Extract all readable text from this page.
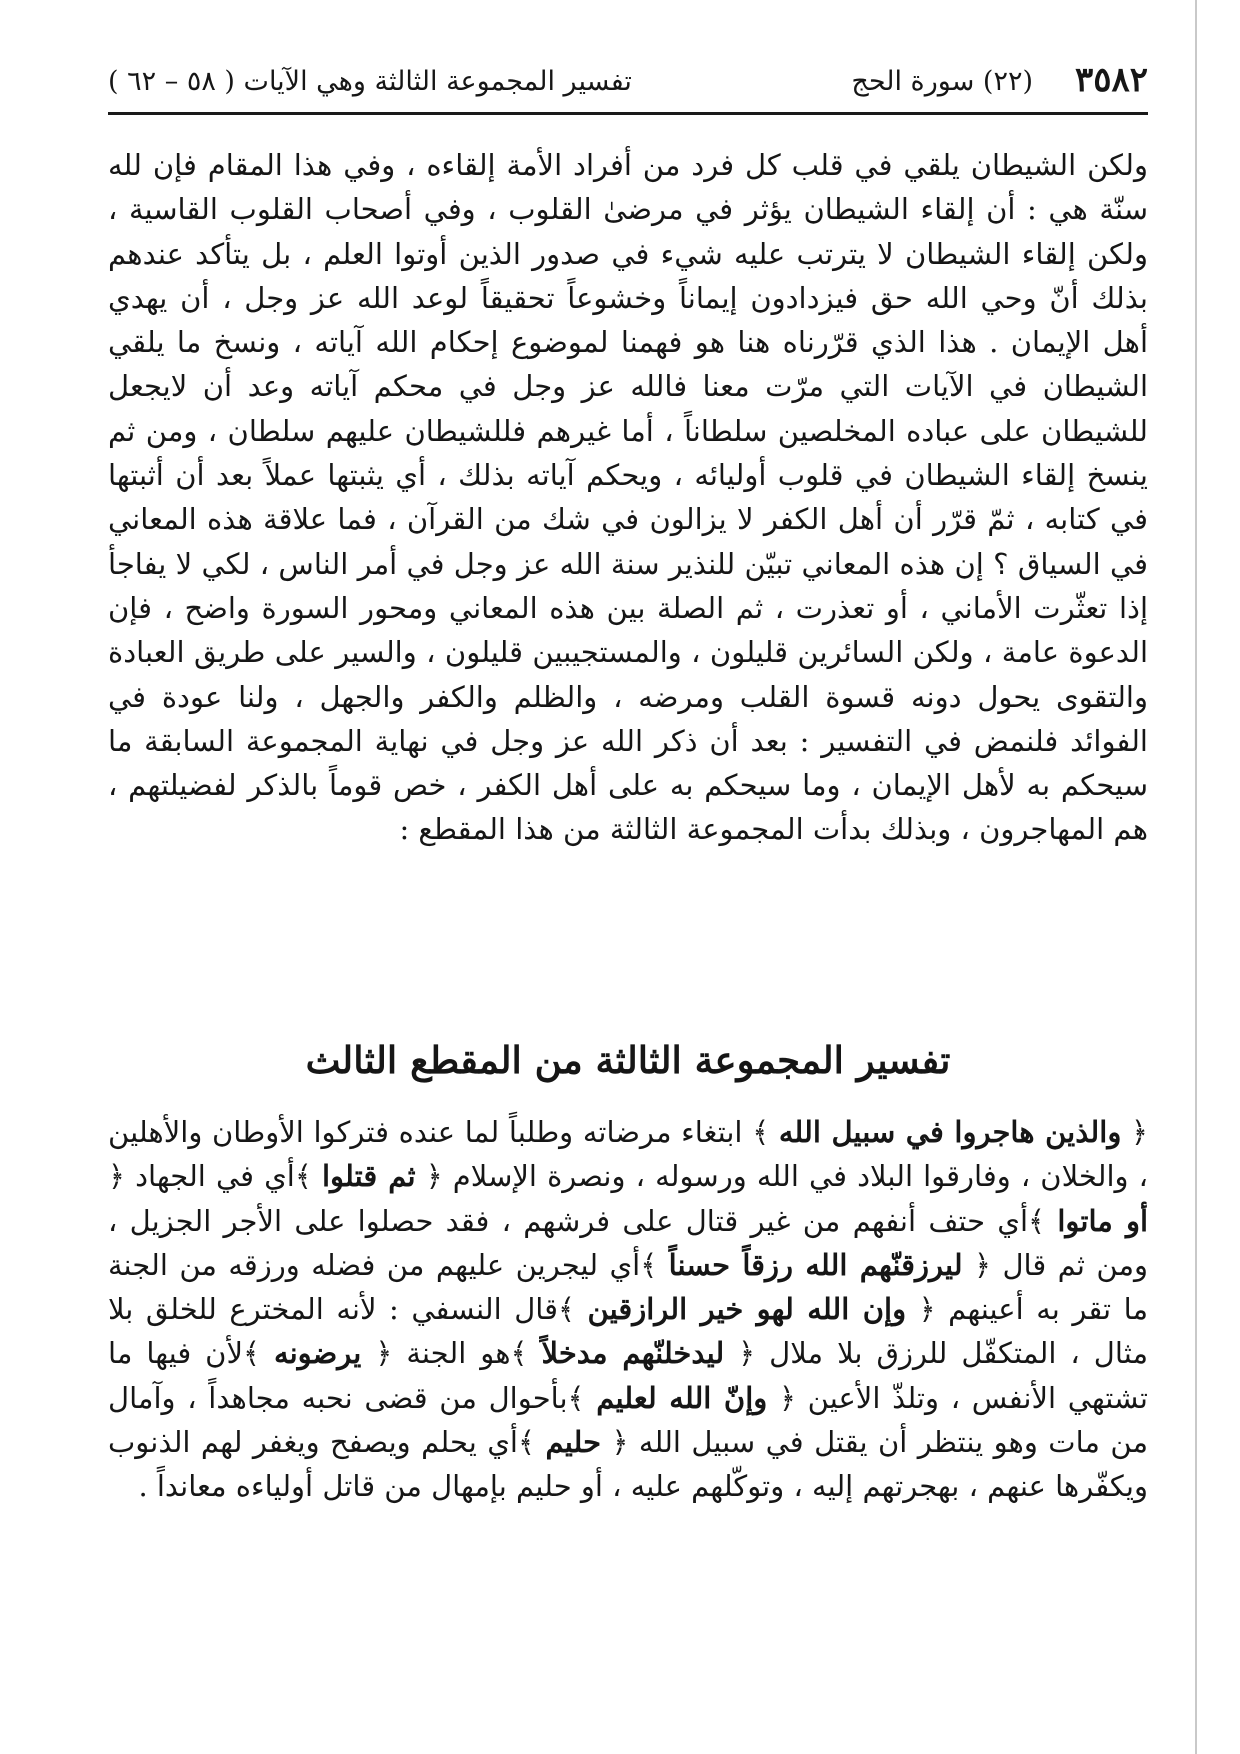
٣٥٨٢
(٢٢) سورة الحج
تفسير المجموعة الثالثة وهي الآيات ( ٥٨ – ٦٢ )

ولكن الشيطان يلقي في قلب كل فرد من أفراد الأمة إلقاءه ، وفي هذا المقام فإن لله سنّة هي : أن إلقاء الشيطان يؤثر في مرضىٰ القلوب ، وفي أصحاب القلوب القاسية ، ولكن إلقاء الشيطان لا يترتب عليه شيء في صدور الذين أوتوا العلم ، بل يتأكد عندهم بذلك أنّ وحي الله حق فيزدادون إيماناً وخشوعاً تحقيقاً لوعد الله عز وجل ، أن يهدي أهل الإيمان . هذا الذي قرّرناه هنا هو فهمنا لموضوع إحكام الله آياته ، ونسخ ما يلقي الشيطان في الآيات التي مرّت معنا فالله عز وجل في محكم آياته وعد أن لايجعل للشيطان على عباده المخلصين سلطاناً ، أما غيرهم فللشيطان عليهم سلطان ، ومن ثم ينسخ إلقاء الشيطان في قلوب أوليائه ، ويحكم آياته بذلك ، أي يثبتها عملاً بعد أن أثبتها في كتابه ، ثمّ قرّر أن أهل الكفر لا يزالون في شك من القرآن ، فما علاقة هذه المعاني في السياق ؟ إن هذه المعاني تبيّن للنذير سنة الله عز وجل في أمر الناس ، لكي لا يفاجأ إذا تعثّرت الأماني ، أو تعذرت ، ثم الصلة بين هذه المعاني ومحور السورة واضح ، فإن الدعوة عامة ، ولكن السائرين قليلون ، والمستجيبين قليلون ، والسير على طريق العبادة والتقوى يحول دونه قسوة القلب ومرضه ، والظلم والكفر والجهل ، ولنا عودة في الفوائد فلنمض في التفسير : بعد أن ذكر الله عز وجل في نهاية المجموعة السابقة ما سيحكم به لأهل الإيمان ، وما سيحكم به على أهل الكفر ، خص قوماً بالذكر لفضيلتهم ، هم المهاجرون ، وبذلك بدأت المجموعة الثالثة من هذا المقطع :

تفسير المجموعة الثالثة من المقطع الثالث

﴿ والذين هاجروا في سبيل الله ﴾ ابتغاء مرضاته وطلباً لما عنده فتركوا الأوطان والأهلين ، والخلان ، وفارقوا البلاد في الله ورسوله ، ونصرة الإسلام ﴿ ثم قتلوا ﴾أي في الجهاد ﴿ أو ماتوا ﴾أي حتف أنفهم من غير قتال على فرشهم ، فقد حصلوا على الأجر الجزيل ، ومن ثم قال ﴿ ليرزقنّهم الله رزقاً حسناً ﴾أي ليجرين عليهم من فضله ورزقه من الجنة ما تقر به أعينهم ﴿ وإن الله لهو خير الرازقين ﴾قال النسفي : لأنه المخترع للخلق بلا مثال ، المتكفّل للرزق بلا ملال ﴿ ليدخلنّهم مدخلاً ﴾هو الجنة ﴿ يرضونه ﴾لأن فيها ما تشتهي الأنفس ، وتلذّ الأعين ﴿ وإنّ الله لعليم ﴾بأحوال من قضى نحبه مجاهداً ، وآمال من مات وهو ينتظر أن يقتل في سبيل الله ﴿ حليم ﴾أي يحلم ويصفح ويغفر لهم الذنوب ويكفّرها عنهم ، بهجرتهم إليه ، وتوكّلهم عليه ، أو حليم بإمهال من قاتل أولياءه معانداً .
